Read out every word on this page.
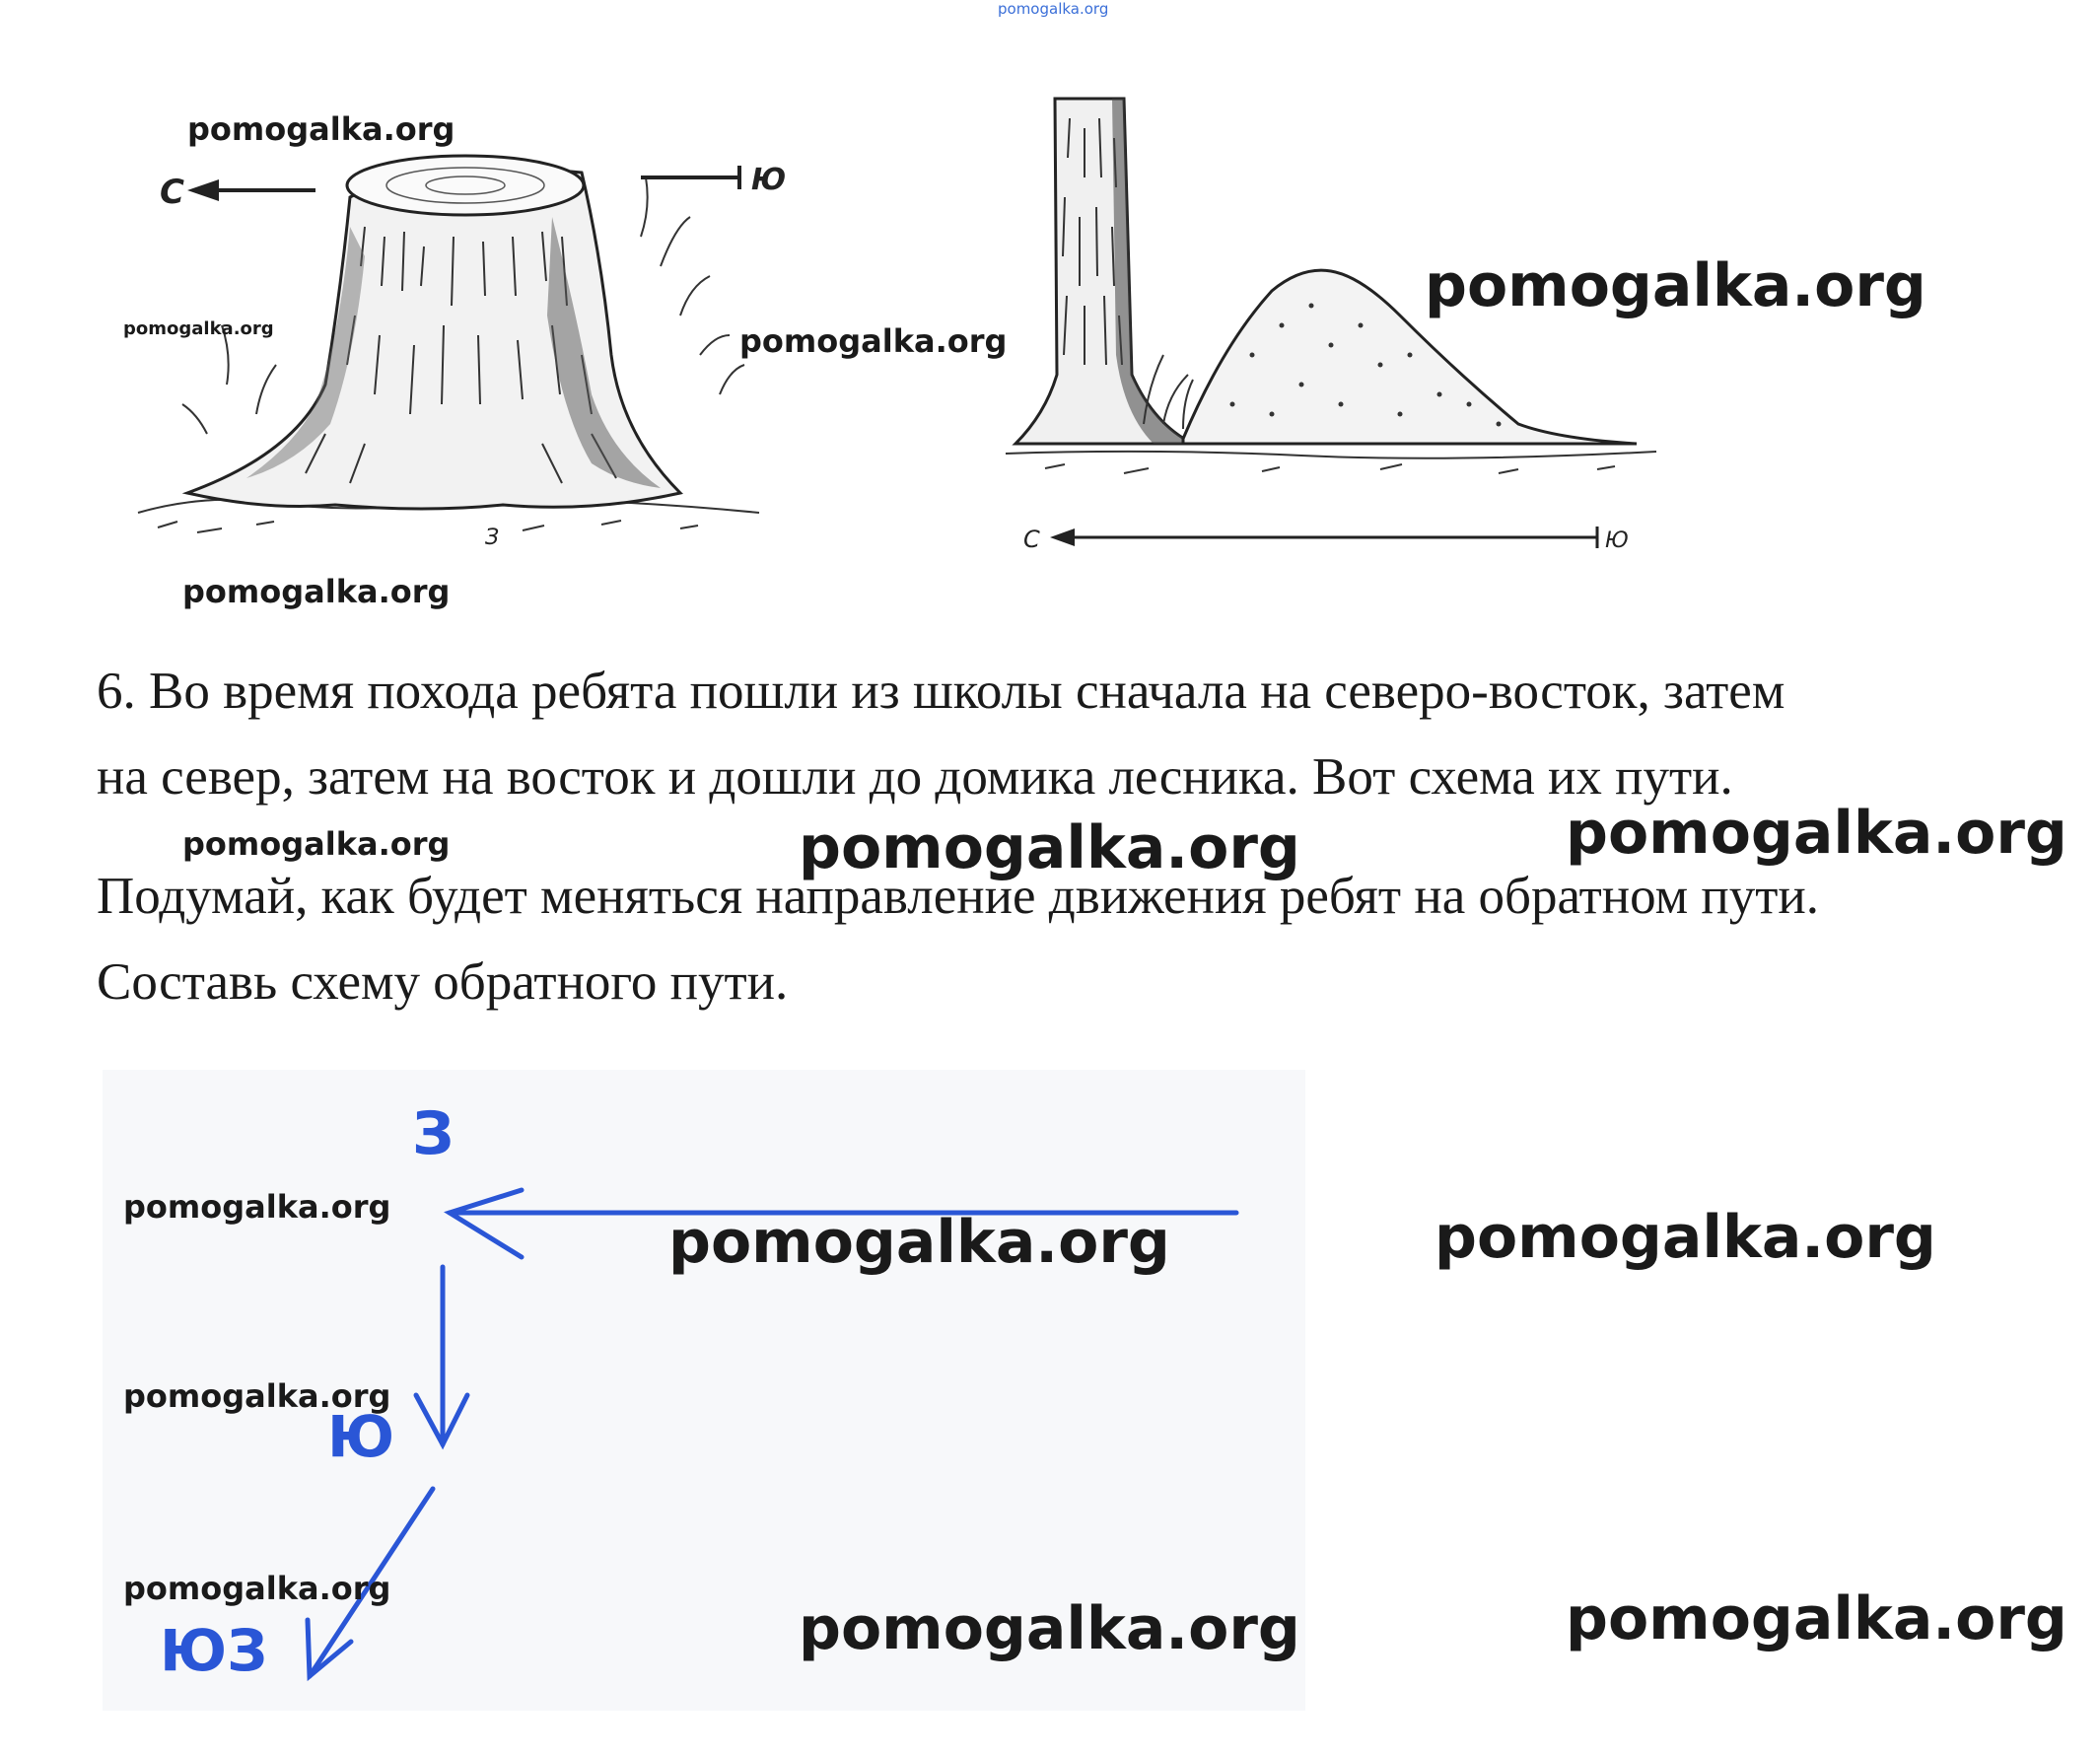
pomogalka.org
С	Ю
З	С	Ю
6. Во время похода ребята пошли из школы сначала на северо-восток, затем
на север, затем на восток и дошли до домика лесника. Вот схема их пути.
Подумай, как будет меняться направление движения ребят на обратном пути.
Составь схему обратного пути.
З
Ю
ЮЗ
pomogalka.org
pomogalka.org	pomogalka.org
pomogalka.org
pomogalka.org
pomogalka.org	pomogalka.org	pomogalka.org
pomogalka.org
pomogalka.org	pomogalka.org
pomogalka.org
pomogalka.org
pomogalka.org	pomogalka.org
